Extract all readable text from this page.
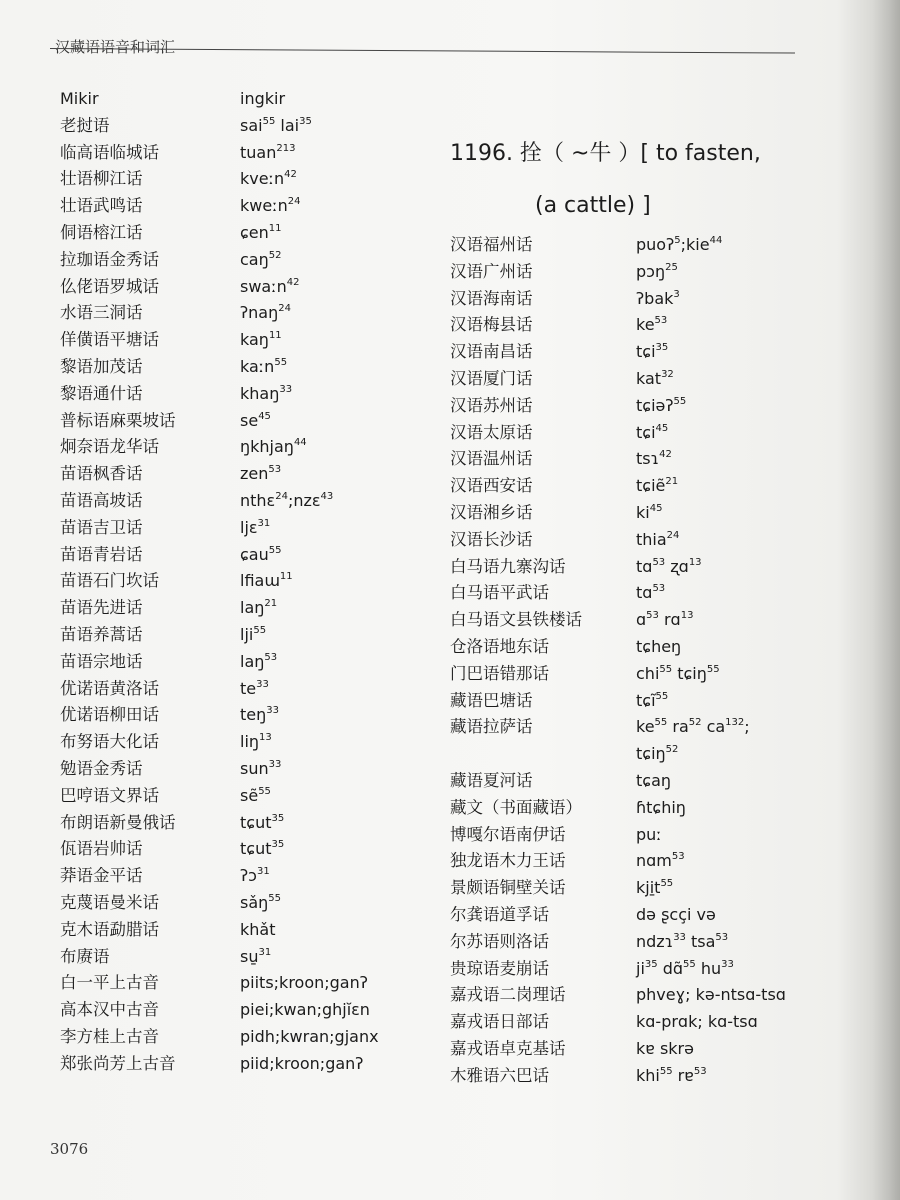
汉藏语语音和词汇
Mikir	ingkir
老挝语	sai$^{55}$ lai$^{35}$
临高语临城话	tuan$^{213}$
壮语柳江话	kveːn$^{42}$
壮语武鸣话	kweːn$^{24}$
侗语榕江话	ɕen$^{11}$
拉珈语金秀话	caŋ$^{52}$
仫佬语罗城话	swaːn$^{42}$
水语三洞话	ʔnaŋ$^{24}$
佯僙语平塘话	kaŋ$^{11}$
黎语加茂话	kaːn$^{55}$
黎语通什话	khaŋ$^{33}$
普标语麻栗坡话	$se^{45}$
炯奈语龙华话	ŋkhjaŋ$^{44}$
苗语枫香话	zen$^{53}$
苗语高坡话	nthɛ$^{24}$;nzɛ$^{43}$
苗语吉卫话	ljɛ$^{31}$
苗语青岩话	ɕau$^{55}$
苗语石门坎话	lfiaɯ$^{11}$
苗语先进话	laŋ$^{21}$
苗语养蒿话	lji$^{55}$
苗语宗地话	laŋ$^{53}$
优诺语黄洛话	$te^{33}$
优诺语柳田话	teŋ$^{33}$
布努语大化话	liŋ$^{13}$
勉语金秀话	sun$^{33}$
巴哼语文界话	sẽ$^{55}$
布朗语新曼俄话	tɕut$^{35}$
佤语岩帅话	tɕut$^{35}$
莽语金平话	ʔɔ$^{31}$
克蔑语曼米话	sǎŋ$^{55}$
克木语勐腊话	khǎt
布赓语	su̱$^{31}$
白一平上古音	piits;kroon;ganʔ
高本汉中古音	piei;kwan;ghjĭɛn
李方桂上古音	pidh;kwran;gjanx
郑张尚芳上古音	piid;kroon;ganʔ
1196. 拴（ ~牛 ）[ to fasten,
(a cattle) ]
汉语福州话	puoʔ$^5$;kie$^{44}$
汉语广州话	pɔŋ$^{25}$
汉语海南话	ʔbak$^3$
汉语梅县话	$ke^{53}$
汉语南昌话	tɕi$^{35}$
汉语厦门话	kat$^{32}$
汉语苏州话	tɕiəʔ$^{55}$
汉语太原话	tɕi$^{45}$
汉语温州话	tsɿ$^{42}$
汉语西安话	tɕiẽ$^{21}$
汉语湘乡话	$ki^{45}$
汉语长沙话	thia$^{24}$
白马语九寨沟话	tɑ$^{53}$ ʐɑ$^{13}$
白马语平武话	tɑ$^{53}$
白马语文县铁楼话	ɑ$^{53}$ rɑ$^{13}$
仓洛语地东话	tɕheŋ
门巴语错那话	chi$^{55}$ tɕiŋ$^{55}$
藏语巴塘话	tɕĩ$^{55}$
藏语拉萨话	$ke^{55}$ $ra^{52}$ $ca^{132}$;
tɕiŋ$^{52}$
藏语夏河话	tɕaŋ
藏文（书面藏语）	ɦtɕhiŋ
博嘎尔语南伊话	puː
独龙语木力王话	nɑm$^{53}$
景颇语铜壁关话	$kji̱t^{55}$
尔龚语道孚话	də ʂcçi və
尔苏语则洛话	ndzɿ$^{33}$ tsa$^{53}$
贵琼语麦崩话	$ji^{35}$ dɑ̃$^{55}$ $hu^{33}$
嘉戎语二岗理话	phveɣ; kə-ntsɑ-tsɑ
嘉戎语日部话	kɑ-prɑk; kɑ-tsɑ
嘉戎语卓克基话	kɐ skrə
木雅语六巴话	khi$^{55}$ rɐ$^{53}$
3076
